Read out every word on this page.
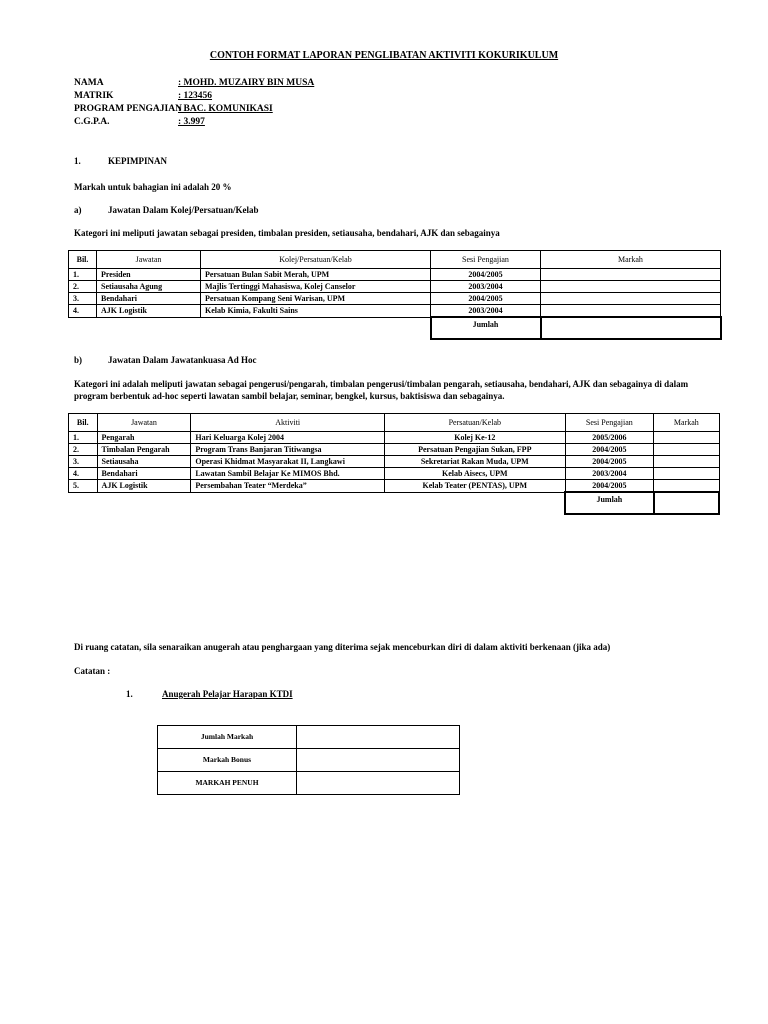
CONTOH FORMAT LAPORAN PENGLIBATAN AKTIVITI KOKURIKULUM
NAMA	: MOHD. MUZAIRY BIN MUSA
MATRIK	: 123456
PROGRAM PENGAJIAN
: BAC. KOMUNIKASI
C.G.P.A.	: 3.997
1.	KEPIMPINAN
Markah untuk bahagian ini adalah 20 %
a)	Jawatan Dalam Kolej/Persatuan/Kelab
Kategori ini meliputi jawatan sebagai presiden, timbalan presiden, setiausaha, bendahari, AJK dan sebagainya
Bil.	Jawatan	Kolej/Persatuan/Kelab	Sesi Pengajian	Markah
1.	Presiden	Persatuan Bulan Sabit Merah, UPM	2004/2005	
2.	Setiausaha Agung	Majlis Tertinggi Mahasiswa, Kolej Canselor	2003/2004	
3.	Bendahari	Persatuan Kompang Seni Warisan, UPM	2004/2005	
4.	AJK Logistik	Kelab Kimia, Fakulti Sains	2003/2004	
			Jumlah	
b)	Jawatan Dalam Jawatankuasa Ad Hoc
Kategori ini adalah meliputi jawatan sebagai pengerusi/pengarah, timbalan pengerusi/timbalan pengarah, setiausaha, bendahari, AJK dan sebagainya di dalam
program berbentuk ad-hoc seperti lawatan sambil belajar, seminar, bengkel, kursus, baktisiswa dan sebagainya.
Bil.	Jawatan	Aktiviti	Persatuan/Kelab	Sesi Pengajian	Markah
1.	Pengarah	Hari Keluarga Kolej 2004	Kolej Ke-12	2005/2006	
2.	Timbalan Pengarah	Program Trans Banjaran Titiwangsa	Persatuan Pengajian Sukan, FPP	2004/2005	
3.	Setiausaha	Operasi Khidmat Masyarakat II, Langkawi	Sekretariat Rakan Muda, UPM	2004/2005	
4.	Bendahari	Lawatan Sambil Belajar Ke MIMOS Bhd.	Kelab Aisecs, UPM	2003/2004	
5.	AJK Logistik	Persembahan Teater “Merdeka”	Kelab Teater (PENTAS), UPM	2004/2005	
				Jumlah	
Di ruang catatan, sila senaraikan anugerah atau penghargaan yang diterima sejak menceburkan diri di dalam aktiviti berkenaan (jika ada)
Catatan :
1.	Anugerah Pelajar Harapan KTDI
Jumlah Markah	
Markah Bonus	
MARKAH PENUH	
